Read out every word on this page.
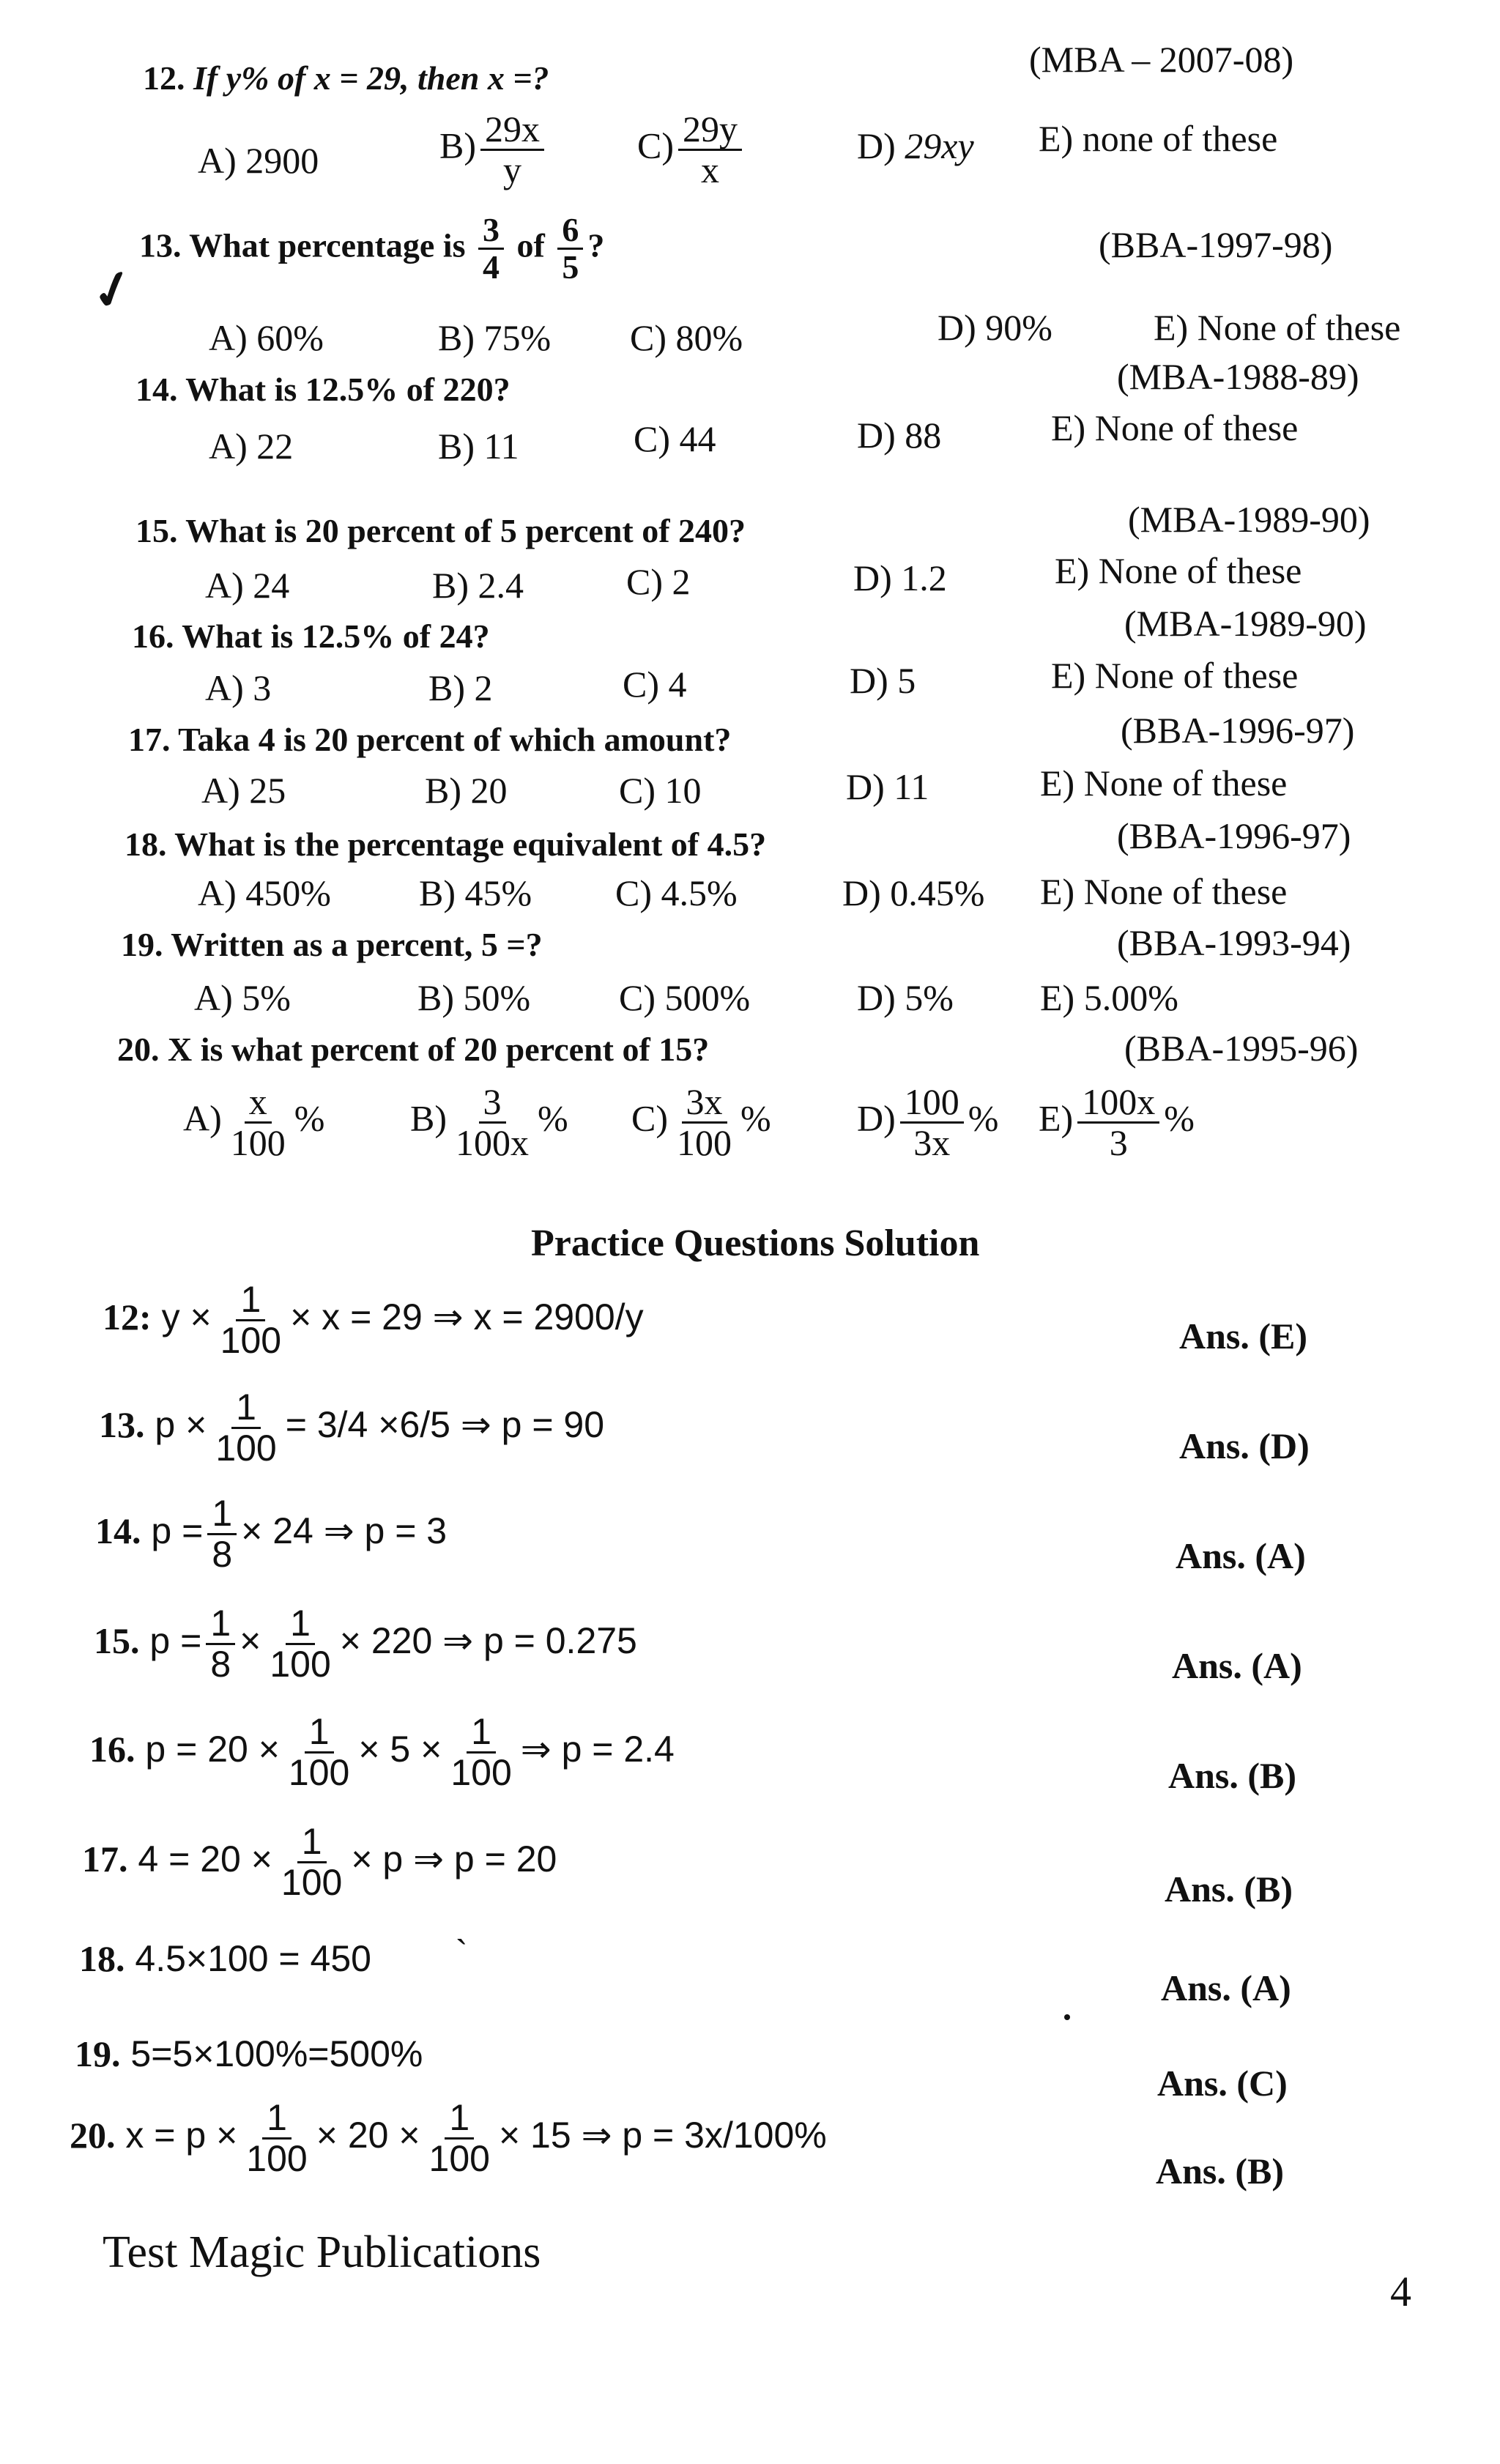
12. If y% of x = 29, then x =?	(MBA – 2007-08)
A) 2900	$B) \frac{29x}{y}$	$C) \frac{29y}{x}$	D) 29xy E) none of these
✓
13. What percentage is $\frac{3}{4}$ of $\frac{6}{5}$ ?	(BBA-1997-98)
A) 60%	B) 75% C) 80%	D) 90%	E) None of these
14. What is 12.5% of 220?	(MBA-1988-89)
A) 22	B) 11	C) 44	D) 88	E) None of these
15. What is 20 percent of 5 percent of 240?	(MBA-1989-90)
A) 24	B) 2.4	C) 2	D) 1.2	E) None of these
16. What is 12.5% of 24?	(MBA-1989-90)
A) 3	B) 2	C) 4	D) 5	E) None of these
17. Taka 4 is 20 percent of which amount?	(BBA-1996-97)
A) 25	B) 20	C) 10	D) 11	E) None of these
18. What is the percentage equivalent of 4.5?	(BBA-1996-97)
A) 450% B) 45% C) 4.5%	D) 0.45% E) None of these
19. Written as a percent, 5 =?	(BBA-1993-94)
A) 5%	B) 50% C) 500%	D) 5% E) 5.00%
20. X is what percent of 20 percent of 15?	(BBA-1995-96)
$A) \frac{x}{100}$ % $B) \frac{3}{100x}$ % $C) \frac{3x}{100}$ % $D) \frac{100}{3x}$ % $E) \frac{100x}{3}$ %
Practice Questions Solution
12: $y \times \frac{1}{100} \times x = 29$ ⇒ x = 2900/y	Ans. (E)
13. $p \times \frac{1}{100} = 3/4 \times 6/5$ ⇒ p = 90
Ans. (D)
14. $p = \frac{1}{8} \times 24$ ⇒ p = 3
Ans. (A)
15. $p = \frac{1}{8} \times \frac{1}{100} \times 220$ ⇒ p = 0.275
Ans. (A)
16. $p = 20 \times \frac{1}{100} \times 5 \times \frac{1}{100}$ ⇒ p = 2.4
Ans. (B)
17. $4 = 20 \times \frac{1}{100} \times p$ ⇒ p = 20
Ans. (B)
18. 4.5×100 = 450 `
Ans. (A)
19. 5=5×100%=500%
Ans. (C)
20. $x = p \times \frac{1}{100} \times 20 \times \frac{1}{100} \times 15$ ⇒ p = 3x/100%
Ans. (B)
Test Magic Publications
4
